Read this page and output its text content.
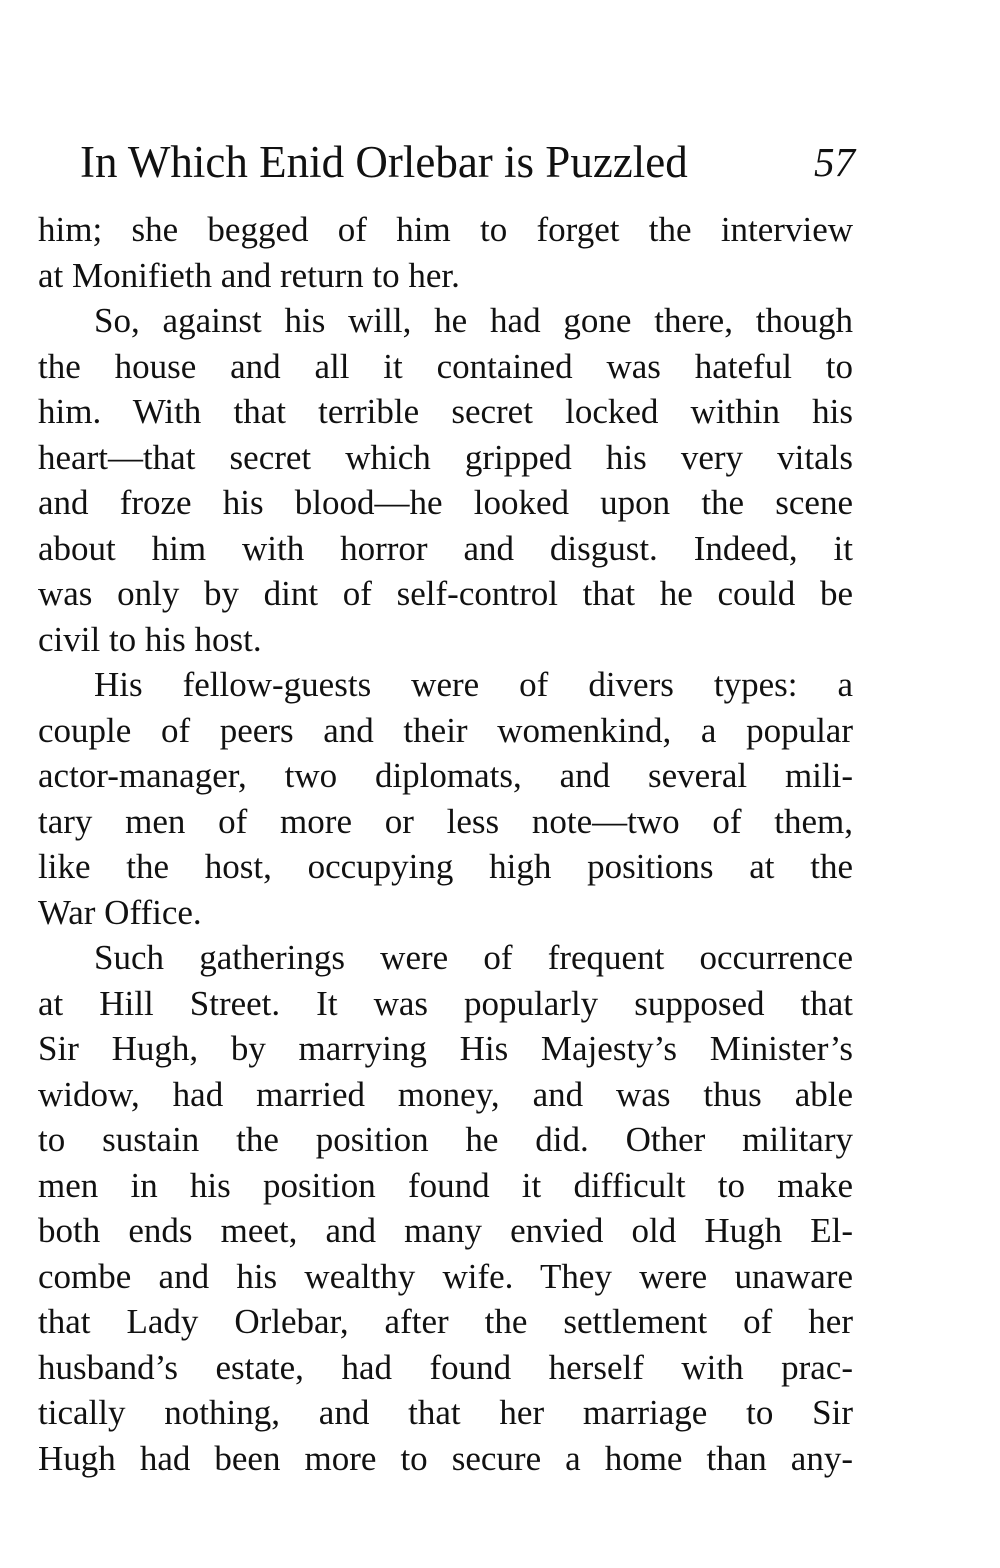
In Which Enid Orlebar is Puzzled	57
him; she begged of him to forget the interview
at Monifieth and return to her.
So, against his will, he had gone there, though
the house and all it contained was hateful to
him. With that terrible secret locked within his
heart—that secret which gripped his very vitals
and froze his blood—he looked upon the scene
about him with horror and disgust. Indeed, it
was only by dint of self-control that he could be
civil to his host.
His fellow-guests were of divers types: a
couple of peers and their womenkind, a popular
actor-manager, two diplomats, and several mili-
tary men of more or less note—two of them,
like the host, occupying high positions at the
War Office.
Such gatherings were of frequent occurrence
at Hill Street. It was popularly supposed that
Sir Hugh, by marrying His Majesty’s Minister’s
widow, had married money, and was thus able
to sustain the position he did. Other military
men in his position found it difficult to make
both ends meet, and many envied old Hugh El-
combe and his wealthy wife. They were unaware
that Lady Orlebar, after the settlement of her
husband’s estate, had found herself with prac-
tically nothing, and that her marriage to Sir
Hugh had been more to secure a home than any-
